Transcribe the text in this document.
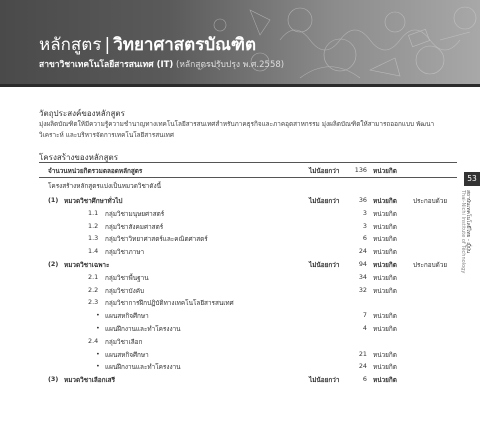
หลักสูตร | วิทยาศาสตรบัณฑิต
สาขาวิชาเทคโนโลยีสารสนเทศ (IT) (หลักสูตรปรับปรุง พ.ศ.2558)
วัตถุประสงค์ของหลักสูตร
มุ่งผลิตบัณฑิตให้มีความรู้ความชำนาญทางเทคโนโลยีสารสนเทศสำหรับภาคธุรกิจและภาคอุตสาหกรรม มุ่งผลิตบัณฑิตให้สามารถออกแบบ พัฒนา วิเคราะห์ และบริหารจัดการเทคโนโลยีสารสนเทศ
โครงสร้างของหลักสูตร
จำนวนหน่วยกิตรวมตลอดหลักสูตร	ไม่น้อยกว่า	136 หน่วยกิต
โครงสร้างหลักสูตรแบ่งเป็นหมวดวิชาดังนี้
(1) หมวดวิชาศึกษาทั่วไป	ไม่น้อยกว่า	36 หน่วยกิต	ประกอบด้วย
1.1 กลุ่มวิชามนุษยศาสตร์	3 หน่วยกิต
1.2 กลุ่มวิชาสังคมศาสตร์	3 หน่วยกิต
1.3 กลุ่มวิชาวิทยาศาสตร์และคณิตศาสตร์	6 หน่วยกิต
1.4 กลุ่มวิชาภาษา	24 หน่วยกิต
(2) หมวดวิชาเฉพาะ	ไม่น้อยกว่า	94 หน่วยกิต	ประกอบด้วย
2.1 กลุ่มวิชาพื้นฐาน	34 หน่วยกิต
2.2 กลุ่มวิชาบังคับ	32 หน่วยกิต
2.3 กลุ่มวิชาการฝึกปฏิบัติทางเทคโนโลยีสารสนเทศ
• แผนสหกิจศึกษา	7 หน่วยกิต
• แผนฝึกงานและทำโครงงาน	4 หน่วยกิต
2.4 กลุ่มวิชาเลือก
• แผนสหกิจศึกษา	21 หน่วยกิต
• แผนฝึกงานและทำโครงงาน	24 หน่วยกิต
(3) หมวดวิชาเลือกเสรี	ไม่น้อยกว่า	6 หน่วยกิต
53
สถาบันเทคโนโลยีไทย - ญี่ปุ่น
Thai-Nichi Institute of Technology
